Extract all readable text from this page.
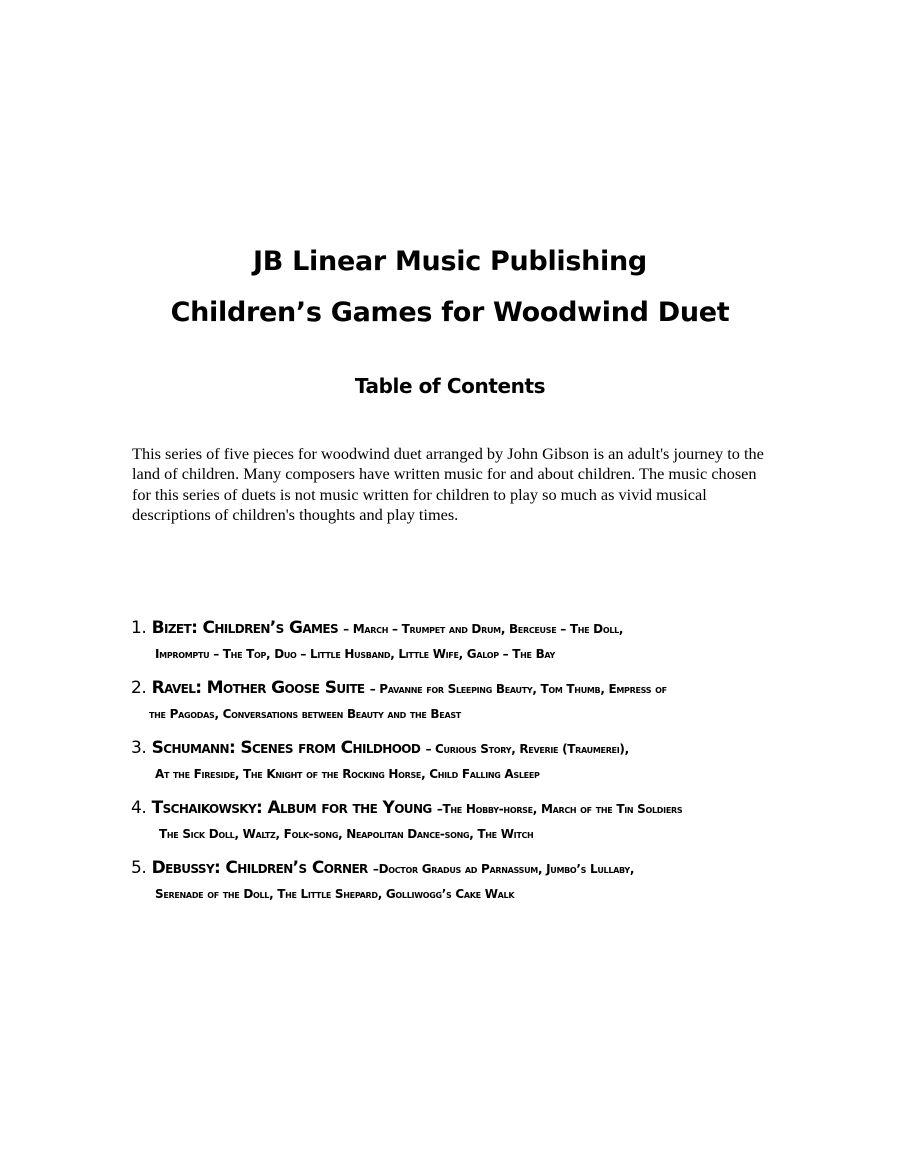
JB Linear Music Publishing
Children’s Games for Woodwind Duet
Table of Contents

This series of five pieces for woodwind duet arranged by John Gibson is an adult's journey to the land of children. Many composers have written music for and about children. The music chosen for this series of duets is not music written for children to play so much as vivid musical descriptions of children's thoughts and play times.

1. Bizet: Children’s Games – March – Trumpet and Drum, Berceuse – The Doll,
Impromptu – The Top, Duo – Little Husband, Little Wife, Galop – The Bay
2. Ravel: Mother Goose Suite – Pavanne for Sleeping Beauty, Tom Thumb, Empress of
the Pagodas, Conversations between Beauty and the Beast
3. Schumann: Scenes from Childhood – Curious Story, Reverie (Traumerei),
At the Fireside, The Knight of the Rocking Horse, Child Falling Asleep
4. Tschaikowsky: Album for the Young –The Hobby-horse, March of the Tin Soldiers
The Sick Doll, Waltz, Folk-song, Neapolitan Dance-song, The Witch
5. Debussy: Children’s Corner –Doctor Gradus ad Parnassum, Jumbo’s Lullaby,
Serenade of the Doll, The Little Shepard, Golliwogg’s Cake Walk
